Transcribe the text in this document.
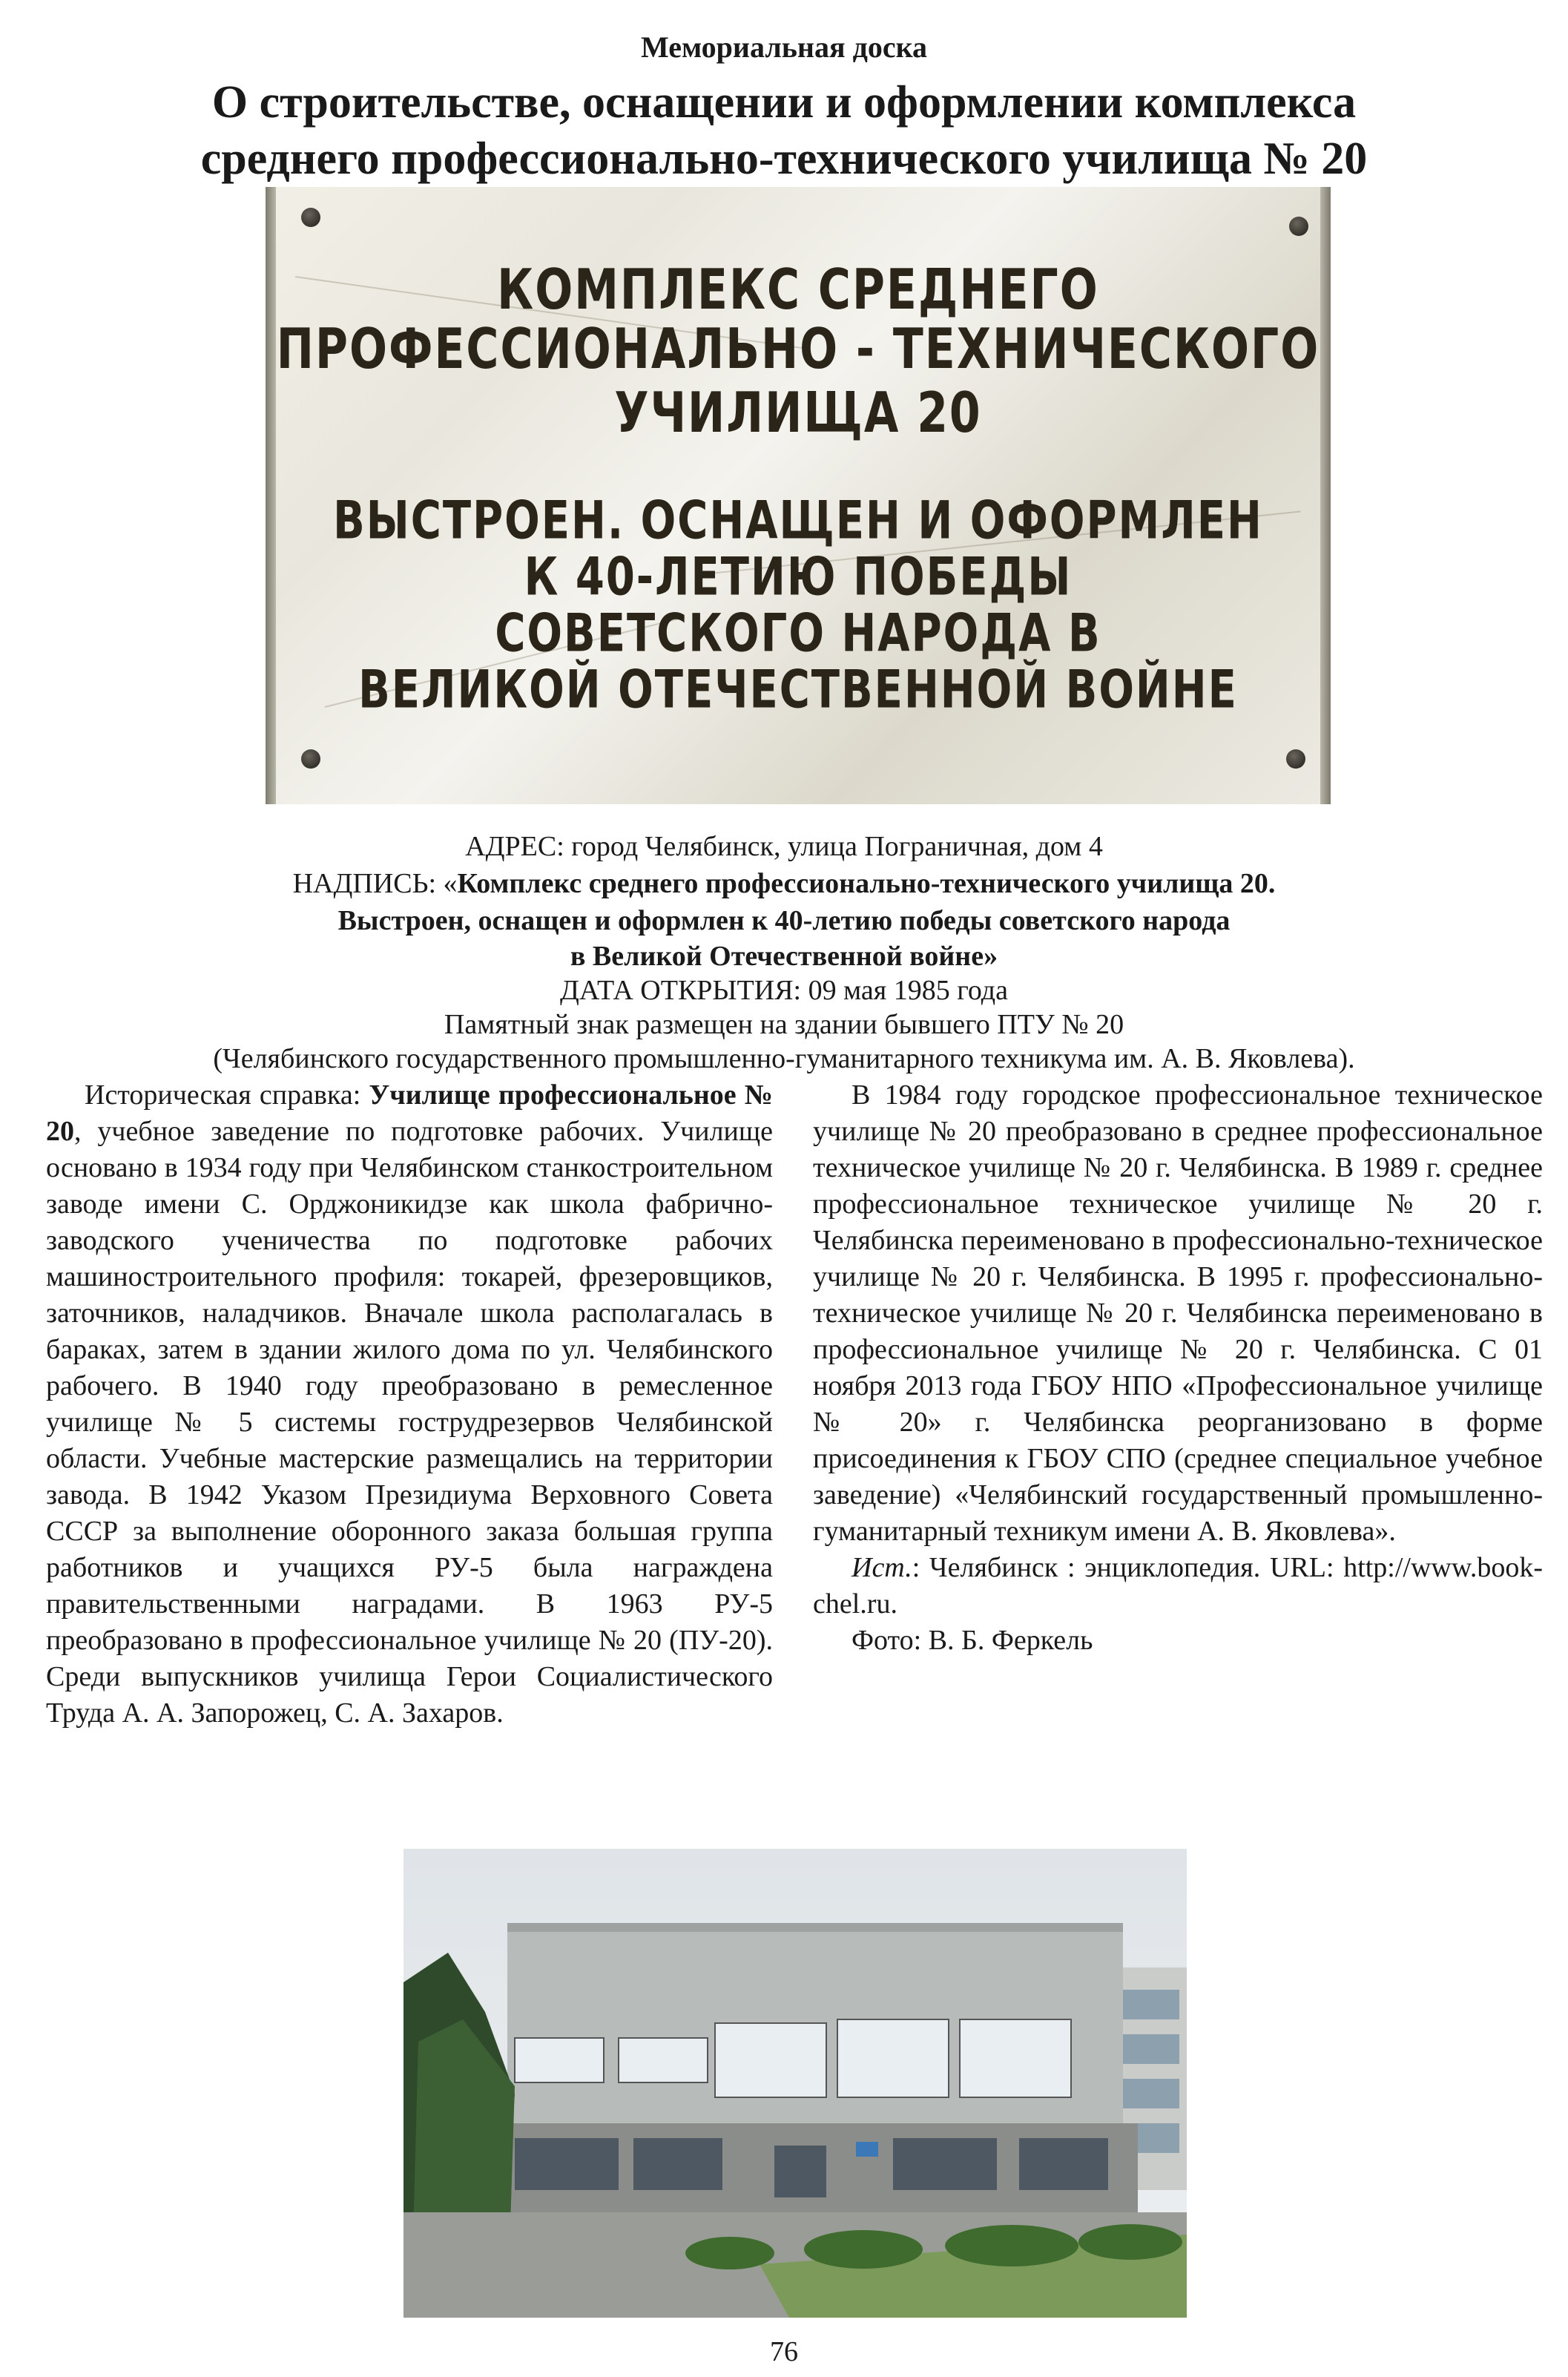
Мемориальная доска
О строительстве, оснащении и оформлении комплекса
среднего профессионально-технического училища № 20
КОМПЛЕКС СРЕДНЕГО
ПРОФЕССИОНАЛЬНО - ТЕХНИЧЕСКОГО
УЧИЛИЩА 20
ВЫСТРОЕН. ОСНАЩЕН И ОФОРМЛЕН
К 40-ЛЕТИЮ ПОБЕДЫ
СОВЕТСКОГО НАРОДА В
ВЕЛИКОЙ ОТЕЧЕСТВЕННОЙ ВОЙНЕ
АДРЕС: город Челябинск, улица Пограничная, дом 4
НАДПИСЬ: «Комплекс среднего профессионально-технического училища 20.
Выстроен, оснащен и оформлен к 40-летию победы советского народа
в Великой Отечественной войне»
ДАТА ОТКРЫТИЯ: 09 мая 1985 года
Памятный знак размещен на здании бывшего ПТУ № 20
(Челябинского государственного промышленно-гуманитарного техникума им. А. В. Яковлева).

Историческая справка: Училище профессиональное № 20, учебное заведение по подготовке рабочих. Училище основано в 1934 году при Челябинском станкостроительном заводе имени С. Орджоникидзе как школа фабрично-заводского ученичества по подготовке рабочих машиностроительного профиля: токарей, фрезеровщиков, заточников, наладчиков. Вначале школа располагалась в бараках, затем в здании жилого дома по ул. Челябинского рабочего. В 1940 году преобразовано в ремесленное училище № 5 системы гострудрезервов Челябинской области. Учебные мастерские размещались на территории завода. В 1942 Указом Президиума Верховного Совета СССР за выполнение оборонного заказа большая группа работников и учащихся РУ-5 была награждена правительственными наградами. В 1963 РУ-5 преобразовано в профессиональное училище № 20 (ПУ-20). Среди выпускников училища Герои Социалистического Труда А. А. Запорожец, С. А. Захаров.

В 1984 году городское профессиональное техническое училище № 20 преобразовано в среднее профессиональное техническое училище № 20 г. Челябинска. В 1989 г. среднее профессиональное техническое училище № 20 г. Челябинска переименовано в профессионально-техническое училище № 20 г. Челябинска. В 1995 г. профессионально-техническое училище № 20 г. Челябинска переименовано в профессиональное училище № 20 г. Челябинска. С 01 ноября 2013 года ГБОУ НПО «Профессиональное училище № 20» г. Челябинска реорганизовано в форме присоединения к ГБОУ СПО (среднее специальное учебное заведение) «Челябинский государственный промышленно-гуманитарный техникум имени А. В. Яковлева».

Ист.: Челябинск : энциклопедия. URL: http://www.book-chel.ru.

Фото: В. Б. Феркель

76
